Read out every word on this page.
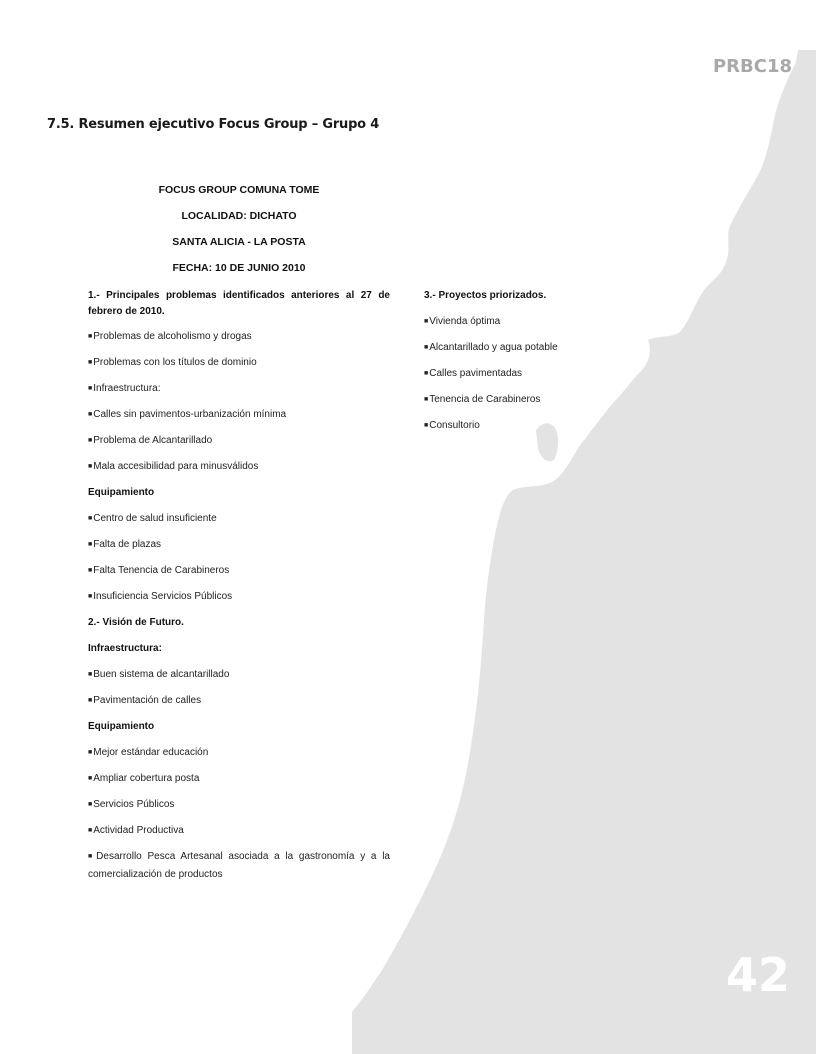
PRBC18
42
7.5. Resumen ejecutivo Focus Group – Grupo 4
FOCUS GROUP COMUNA TOME
LOCALIDAD: DICHATO
SANTA ALICIA - LA POSTA
FECHA: 10 DE JUNIO 2010
1.- Principales problemas identificados anteriores al 27 de febrero de 2010.
■Problemas de alcoholismo y drogas
■Problemas con los títulos de dominio
■Infraestructura:
■Calles sin pavimentos-urbanización mínima
■Problema de Alcantarillado
■Mala accesibilidad para minusválidos
Equipamiento
■Centro de salud insuficiente
■Falta de plazas
■Falta Tenencia de Carabineros
■Insuficiencia Servicios Públicos
2.- Visión de Futuro.
Infraestructura:
■Buen sistema de alcantarillado
■Pavimentación de calles
Equipamiento
■Mejor estándar educación
■Ampliar cobertura posta
■Servicios Públicos
■Actividad Productiva
■Desarrollo Pesca Artesanal asociada a la gastronomía y a la comercialización de productos
3.- Proyectos priorizados.
■Vivienda óptima
■Alcantarillado y agua potable
■Calles pavimentadas
■Tenencia de Carabineros
■Consultorio
